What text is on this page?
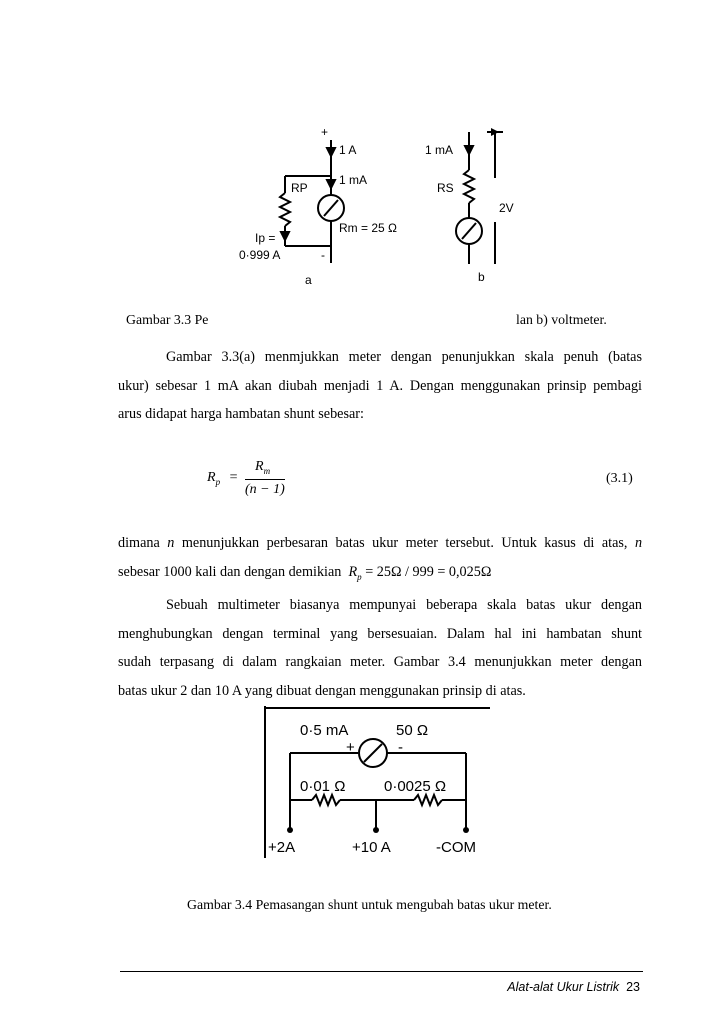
+
1 A
RP
1 mA
Ip =
0·999 A
Rm = 25 Ω
-
a
1 mA
RS
2V
b
Gambar 3.3 Pe	lan b) voltmeter.
Gambar 3.3(a) menmjukkan meter dengan penunjukkan skala penuh (batas
ukur) sebesar 1 mA akan diubah menjadi 1 A. Dengan menggunakan prinsip pembagi
arus didapat harga hambatan shunt sebesar:
$R_p$ =
$R_m$
(n − 1)
(3.1)
dimana n menunjukkan perbesaran batas ukur meter tersebut. Untuk kasus di atas, n
sebesar 1000 kali dan dengan demikian $R_p = 25\Omega / 999 = 0,025\Omega$
Sebuah multimeter biasanya mempunyai beberapa skala batas ukur dengan
menghubungkan dengan terminal yang bersesuaian. Dalam hal ini hambatan shunt
sudah terpasang di dalam rangkaian meter. Gambar 3.4 menunjukkan meter dengan
batas ukur 2 dan 10 A yang dibuat dengan menggunakan prinsip di atas.
0·5 mA	50 Ω
+	-
0·01 Ω	0·0025 Ω
+2A	+10 A	-COM
Gambar 3.4 Pemasangan shunt untuk mengubah batas ukur meter.
Alat-alat Ukur Listrik 23
